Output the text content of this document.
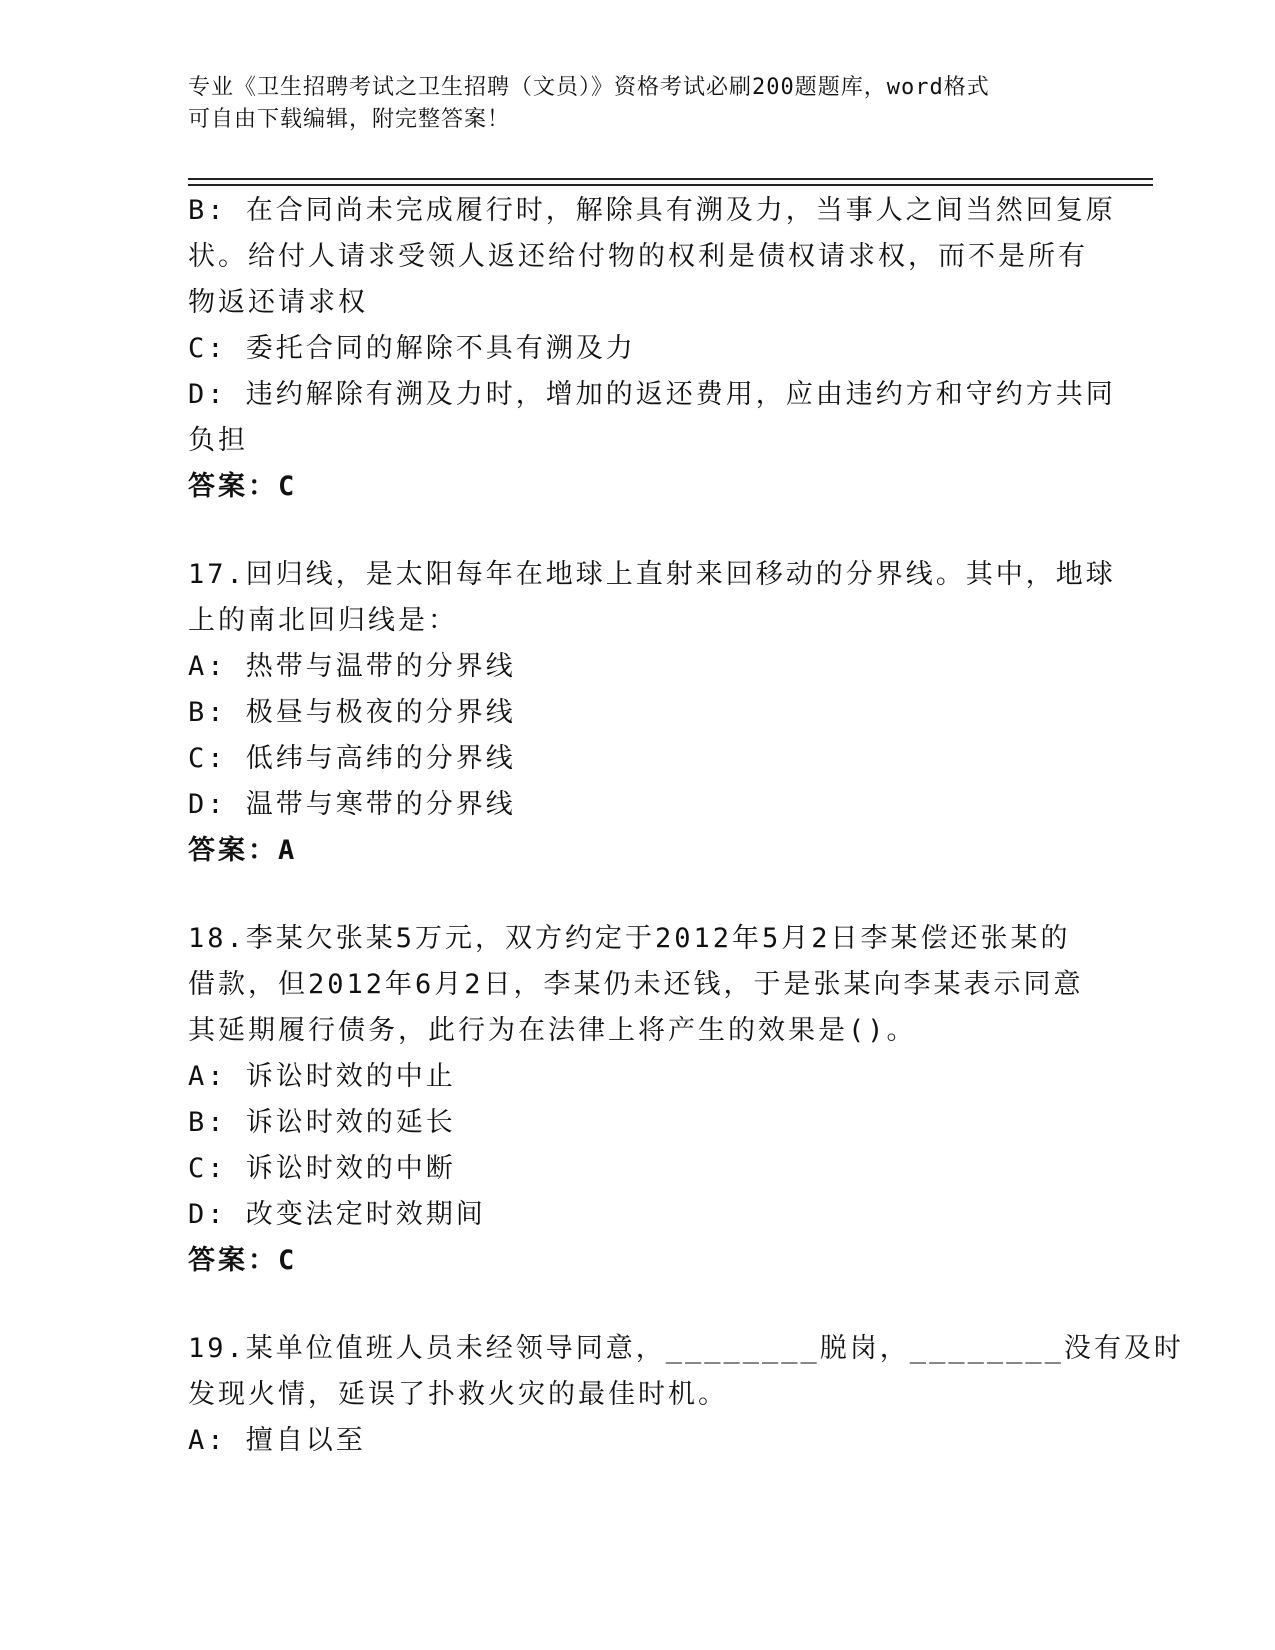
专业《卫生招聘考试之卫生招聘（文员）》资格考试必刷200题题库，word格式
可自由下载编辑，附完整答案！
B: 在合同尚未完成履行时，解除具有溯及力，当事人之间当然回复原
状。给付人请求受领人返还给付物的权利是债权请求权，而不是所有
物返还请求权
C: 委托合同的解除不具有溯及力
D: 违约解除有溯及力时，增加的返还费用，应由违约方和守约方共同
负担
答案：C
17.回归线，是太阳每年在地球上直射来回移动的分界线。其中，地球
上的南北回归线是：
A: 热带与温带的分界线
B: 极昼与极夜的分界线
C: 低纬与高纬的分界线
D: 温带与寒带的分界线
答案：A
18.李某欠张某5万元，双方约定于2012年5月2日李某偿还张某的
借款，但2012年6月2日，李某仍未还钱，于是张某向李某表示同意
其延期履行债务，此行为在法律上将产生的效果是()。
A: 诉讼时效的中止
B: 诉讼时效的延长
C: 诉讼时效的中断
D: 改变法定时效期间
答案：C
19.某单位值班人员未经领导同意，________脱岗，________没有及时
发现火情，延误了扑救火灾的最佳时机。
A: 擅自以至
